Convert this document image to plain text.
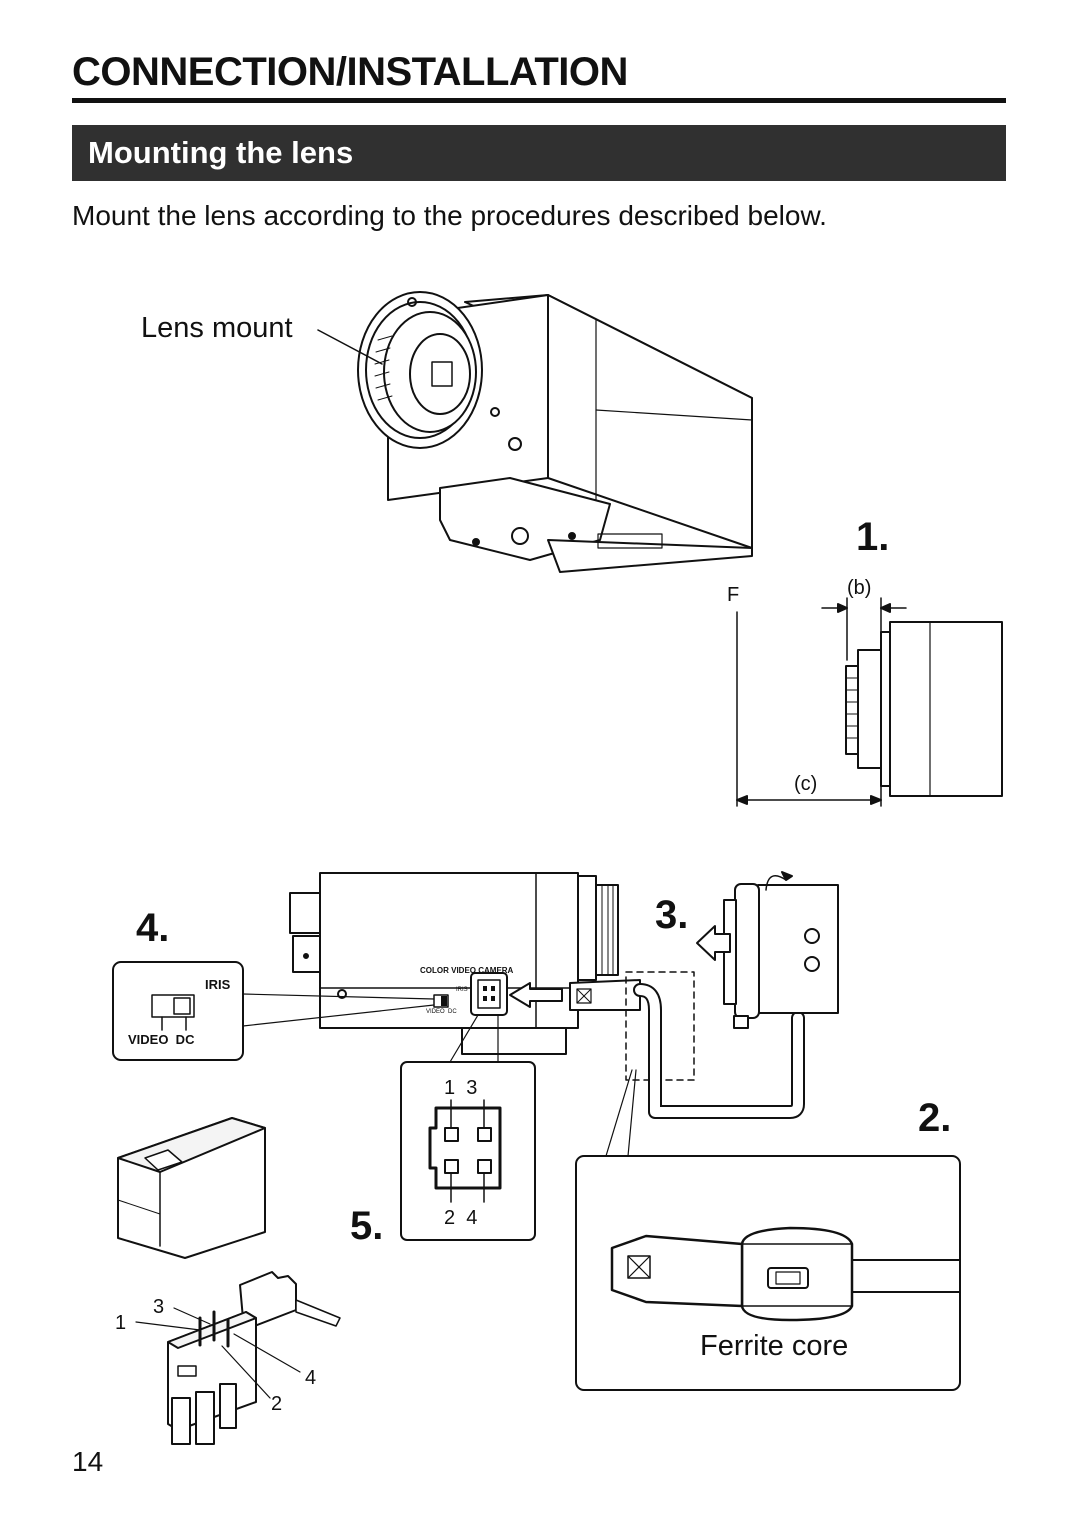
CONNECTION/INSTALLATION
Mounting the lens

Mount the lens according to the procedures described below.

Lens mount
1.
2.
3.
4.
5.
F	(b)
(c)
COLOR VIDEO CAMERA
IRIS
VIDEO  DC
IRIS
VIDEO  DC
1  3
2  4
1
3
4
2
Ferrite core
14
